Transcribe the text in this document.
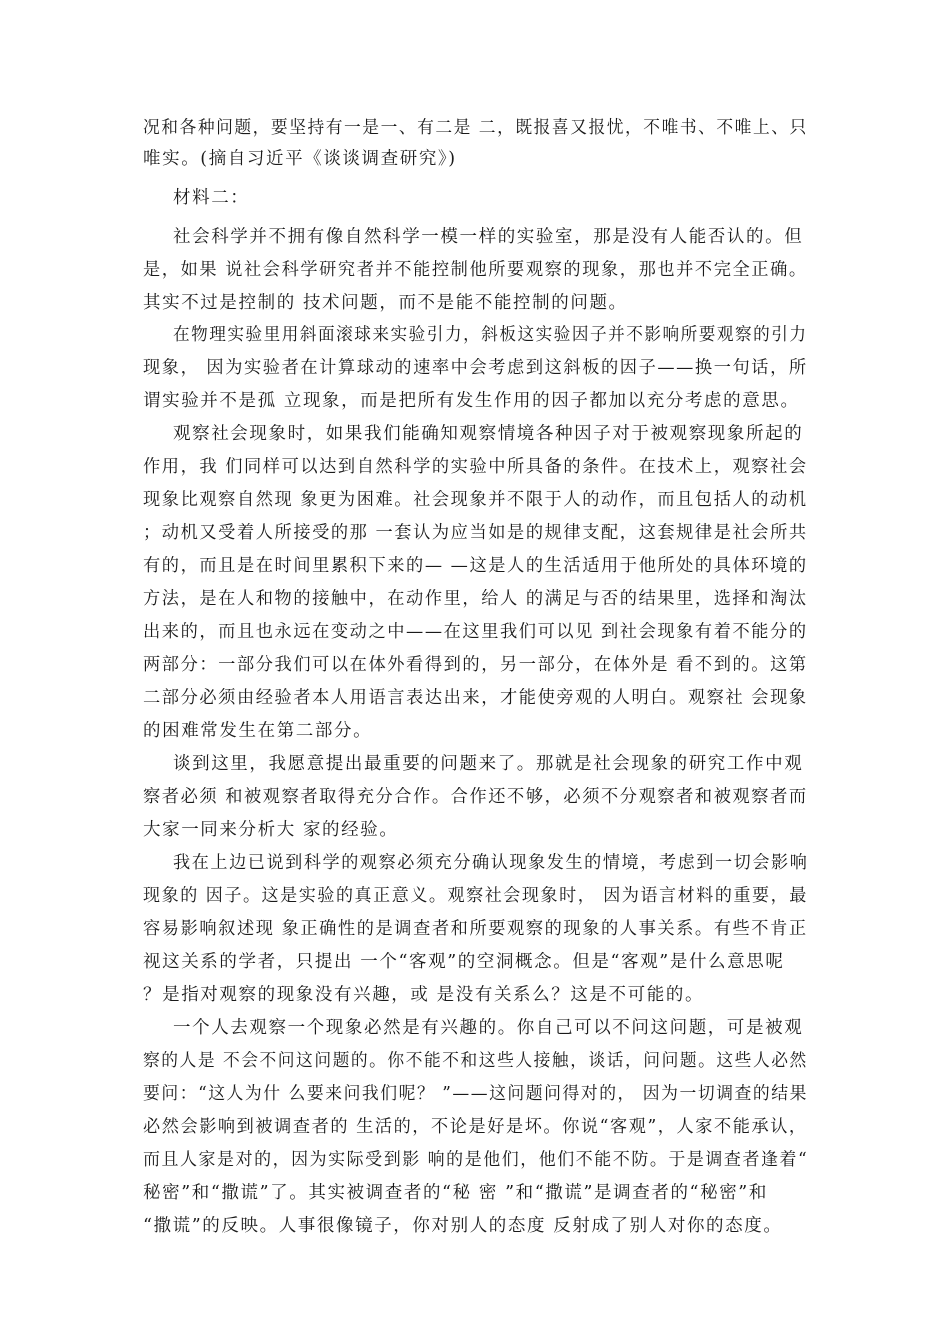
况和各种问题，要坚持有一是一、有二是 二，既报喜又报忧，不唯书、不唯上、只
唯实。(摘自习近平《谈谈调查研究》)
材料二：
社会科学并不拥有像自然科学一模一样的实验室，那是没有人能否认的。但
是，如果 说社会科学研究者并不能控制他所要观察的现象，那也并不完全正确。
其实不过是控制的 技术问题，而不是能不能控制的问题。
在物理实验里用斜面滚球来实验引力，斜板这实验因子并不影响所要观察的引力
现象， 因为实验者在计算球动的速率中会考虑到这斜板的因子——换一句话，所
谓实验并不是孤 立现象，而是把所有发生作用的因子都加以充分考虑的意思。
观察社会现象时，如果我们能确知观察情境各种因子对于被观察现象所起的
作用，我 们同样可以达到自然科学的实验中所具备的条件。在技术上，观察社会
现象比观察自然现 象更为困难。社会现象并不限于人的动作，而且包括人的动机
；动机又受着人所接受的那 一套认为应当如是的规律支配，这套规律是社会所共
有的，而且是在时间里累积下来的— —这是人的生活适用于他所处的具体环境的
方法，是在人和物的接触中，在动作里，给人 的满足与否的结果里，选择和淘汰
出来的，而且也永远在变动之中——在这里我们可以见 到社会现象有着不能分的
两部分：一部分我们可以在体外看得到的，另一部分，在体外是 看不到的。这第
二部分必须由经验者本人用语言表达出来，才能使旁观的人明白。观察社 会现象
的困难常发生在第二部分。
谈到这里，我愿意提出最重要的问题来了。那就是社会现象的研究工作中观
察者必须 和被观察者取得充分合作。合作还不够，必须不分观察者和被观察者而
大家一同来分析大 家的经验。
我在上边已说到科学的观察必须充分确认现象发生的情境，考虑到一切会影响
现象的 因子。这是实验的真正意义。观察社会现象时， 因为语言材料的重要，最
容易影响叙述现 象正确性的是调查者和所要观察的现象的人事关系。有些不肯正
视这关系的学者，只提出 一个“客观”的空洞概念。但是“客观”是什么意思呢
？是指对观察的现象没有兴趣，或 是没有关系么？这是不可能的。
一个人去观察一个现象必然是有兴趣的。你自己可以不问这问题，可是被观
察的人是 不会不问这问题的。你不能不和这些人接触，谈话，问问题。这些人必然
要问：“这人为什 么要来问我们呢？ ”——这问题问得对的， 因为一切调查的结果
必然会影响到被调查者的 生活的，不论是好是坏。你说“客观”，人家不能承认，
而且人家是对的，因为实际受到影 响的是他们，他们不能不防。于是调查者逢着“
秘密”和“撒谎”了。其实被调查者的“秘 密 ”和“撒谎”是调查者的“秘密”和
“撒谎”的反映。人事很像镜子，你对别人的态度 反射成了别人对你的态度。
